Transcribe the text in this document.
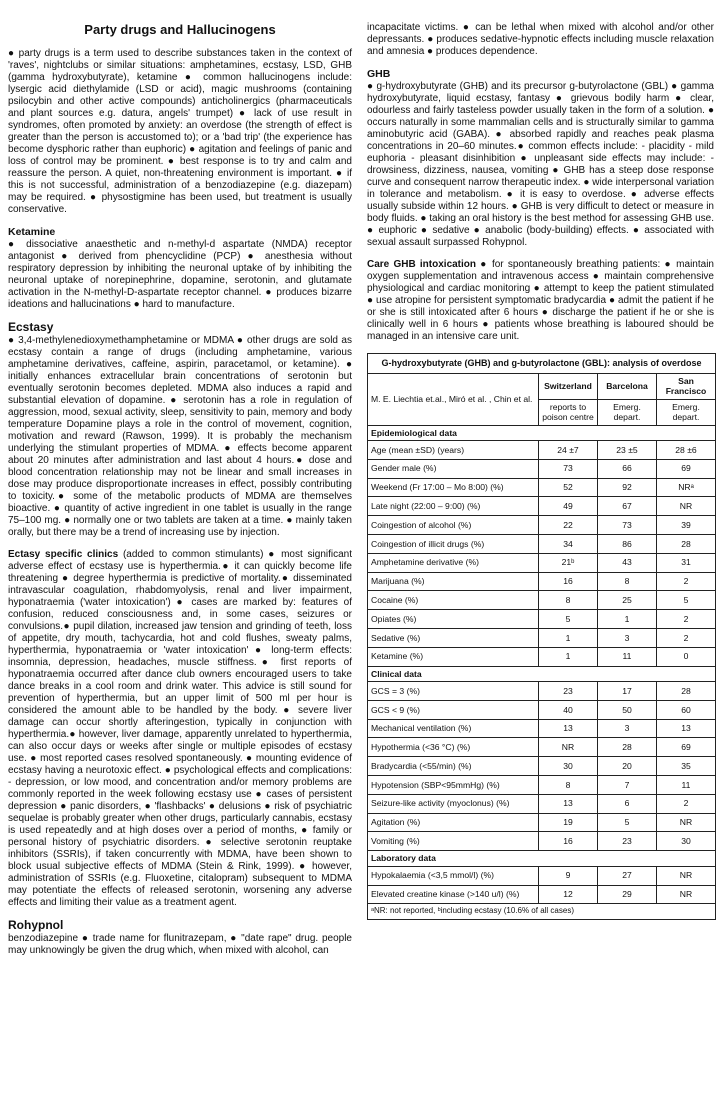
Party drugs and Hallucinogens

● party drugs is a term used to describe substances taken in the context of 'raves', nightclubs or similar situations: amphetamines, ecstasy, LSD, GHB (gamma hydroxybutyrate), ketamine ● common hallucinogens include: lysergic acid diethylamide (LSD or acid), magic mushrooms (containing psilocybin and other active compounds) anticholinergics (pharmaceuticals and plant sources e.g. datura, angels' trumpet) ● lack of use result in syndromes, often promoted by anxiety: an overdose (the strength of effect is greater than the person is accustomed to); or a 'bad trip' (the experience has become dysphoric rather than euphoric) ● agitation and feelings of panic and loss of control may be prominent. ● best response is to try and calm and reassure the person. A quiet, non-threatening environment is important. ● if this is not successful, administration of a benzodiazepine (e.g. diazepam) may be required. ● physostigmine has been used, but treatment is usually conservative.

Ketamine

● dissociative anaesthetic and n-methyl-d aspartate (NMDA) receptor antagonist ● derived from phencyclidine (PCP) ● anesthesia without respiratory depression by inhibiting the neuronal uptake of by inhibiting the neuronal uptake of norepinephrine, dopamine, serotonin, and glutamate activation in the N-methyl-D-aspartate receptor channel. ● produces bizarre ideations and hallucinations ● hard to manufacture.

Ecstasy

● 3,4-methylenedioxymethamphetamine or MDMA ● other drugs are sold as ecstasy contain a range of drugs (including amphetamine, various amphetamine derivatives, caffeine, aspirin, paracetamol, or ketamine). ● initially enhances extracellular brain concentrations of serotonin but eventually serotonin becomes depleted. MDMA also induces a rapid and substantial elevation of dopamine. ● serotonin has a role in regulation of aggression, mood, sexual activity, sleep, sensitivity to pain, memory and body temperature Dopamine plays a role in the control of movement, cognition, motivation and reward (Rawson, 1999). It is probably the mechanism underlying the stimulant properties of MDMA. ● effects become apparent about 20 minutes after administration and last about 4 hours.● dose and blood concentration relationship may not be linear and small increases in dose may produce disproportionate increases in effect, possibly contributing to toxicity.● some of the metabolic products of MDMA are themselves bioactive. ● quantity of active ingredient in one tablet is usually in the range 75–100 mg. ● normally one or two tablets are taken at a time. ● mainly taken orally, but there may be a trend of increasing use by injection.

Ectasy specific clinics (added to common stimulants) ● most significant adverse effect of ecstasy use is hyperthermia.● it can quickly become life threatening ● degree hyperthermia is predictive of mortality.● disseminated intravascular coagulation, rhabdomyolysis, renal and liver impairment, hyponatraemia ('water intoxication') ● cases are marked by: features of confusion, reduced consciousness and, in some cases, seizures or convulsions.● pupil dilation, increased jaw tension and grinding of teeth, loss of appetite, dry mouth, tachycardia, hot and cold flushes, sweaty palms, hyperthermia, hyponatraemia or 'water intoxication' ● long-term effects: insomnia, depression, headaches, muscle stiffness.● first reports of hyponatraemia occurred after dance club owners encouraged users to take dance breaks in a cool room and drink water. This advice is still sound for prevention of hyperthermia, but an upper limit of 500 ml per hour is considered the amount able to be handled by the body. ● severe liver damage can occur shortly afteringestion, typically in conjunction with hyperthermia.● however, liver damage, apparently unrelated to hyperthermia, can also occur days or weeks after single or multiple episodes of ecstasy use. ● most reported cases resolved spontaneously. ● mounting evidence of ecstasy having a neurotoxic effect. ● psychological effects and complications: - depression, or low mood, and concentration and/or memory problems are commonly reported in the week following ecstasy use ● cases of persistent depression ● panic disorders, ● 'flashbacks' ● delusions ● risk of psychiatric sequelae is probably greater when other drugs, particularly cannabis, ecstasy is used repeatedly and at high doses over a period of months, ● family or personal history of psychiatric disorders. ● selective serotonin reuptake inhibitors (SSRIs), if taken concurrently with MDMA, have been shown to block usual subjective effects of MDMA (Stein & Rink, 1999). ● however, administration of SSRIs (e.g. Fluoxetine, citalopram) subsequent to MDMA may potentiate the effects of released serotonin, worsening any adverse effects and limiting their value as a treatment agent.

Rohypnol

benzodiazepine ● trade name for flunitrazepam, ● "date rape" drug. people may unknowingly be given the drug which, when mixed with alcohol, can

incapacitate victims. ● can be lethal when mixed with alcohol and/or other depressants. ● produces sedative-hypnotic effects including muscle relaxation and amnesia ● produces dependence.

GHB

● g-hydroxybutyrate (GHB) and its precursor g-butyrolactone (GBL) ● gamma hydroxybutyrate, liquid ecstasy, fantasy ● grievous bodily harm ● clear, odourless and fairly tasteless powder usually taken in the form of a solution. ● occurs naturally in some mammalian cells and is structurally similar to gamma aminobutyric acid (GABA). ● absorbed rapidly and reaches peak plasma concentrations in 20–60 minutes.● common effects include: - placidity - mild euphoria - pleasant disinhibition ● unpleasant side effects may include: - drowsiness, dizziness, nausea, vomiting ● GHB has a steep dose response curve and consequent narrow therapeutic index. ● wide interpersonal variation in tolerance and metabolism. ● it is easy to overdose. ● adverse effects usually subside within 12 hours. ● GHB is very difficult to detect or measure in body fluids. ● taking an oral history is the best method for assessing GHB use. ● euphoric ● sedative ● anabolic (body-building) effects. ● associated with sexual assault surpassed Rohypnol.

Care GHB intoxication ● for spontaneously breathing patients: ● maintain oxygen supplementation and intravenous access ● maintain comprehensive physiological and cardiac monitoring ● attempt to keep the patient stimulated ● use atropine for persistent symptomatic bradycardia ● admit the patient if he or she is still intoxicated after 6 hours ● discharge the patient if he or she is clinically well in 6 hours ● patients whose breathing is laboured should be managed in an intensive care unit.

G-hydroxybutyrate (GHB) and g-butyrolactone (GBL): analysis of overdose			
M. E. Liechtia et.al., Miró et al. , Chin et al.	Switzerland	Barcelona	San Francisco
	reports to poison centre	Emerg. depart.	Emerg. depart.
Epidemiological data			
Age (mean ±SD) (years)	24 ±7	23 ±5	28 ±6
Gender male (%)	73	66	69
Weekend (Fr 17:00 – Mo 8:00) (%)	52	92	NRᵃ
Late night (22:00 – 9:00) (%)	49	67	NR
Coingestion of alcohol (%)	22	73	39
Coingestion of illicit drugs (%)	34	86	28
Amphetamine derivative (%)	21ᵇ	43	31
Marijuana (%)	16	8	2
Cocaine (%)	8	25	5
Opiates (%)	5	1	2
Sedative (%)	1	3	2
Ketamine (%)	1	11	0
Clinical data			
GCS = 3 (%)	23	17	28
GCS < 9 (%)	40	50	60
Mechanical ventilation (%)	13	3	13
Hypothermia (<36 °C) (%)	NR	28	69
Bradycardia (<55/min) (%)	30	20	35
Hypotension (SBP<95mmHg) (%)	8	7	11
Seizure-like activity (myoclonus) (%)	13	6	2
Agitation (%)	19	5	NR
Vomiting (%)	16	23	30
Laboratory data			
Hypokalaemia (<3,5 mmol/l) (%)	9	27	NR
Elevated creatine kinase (>140 u/l) (%)	12	29	NR
ᵃNR: not reported, ᵇincluding ecstasy (10.6% of all cases)			
